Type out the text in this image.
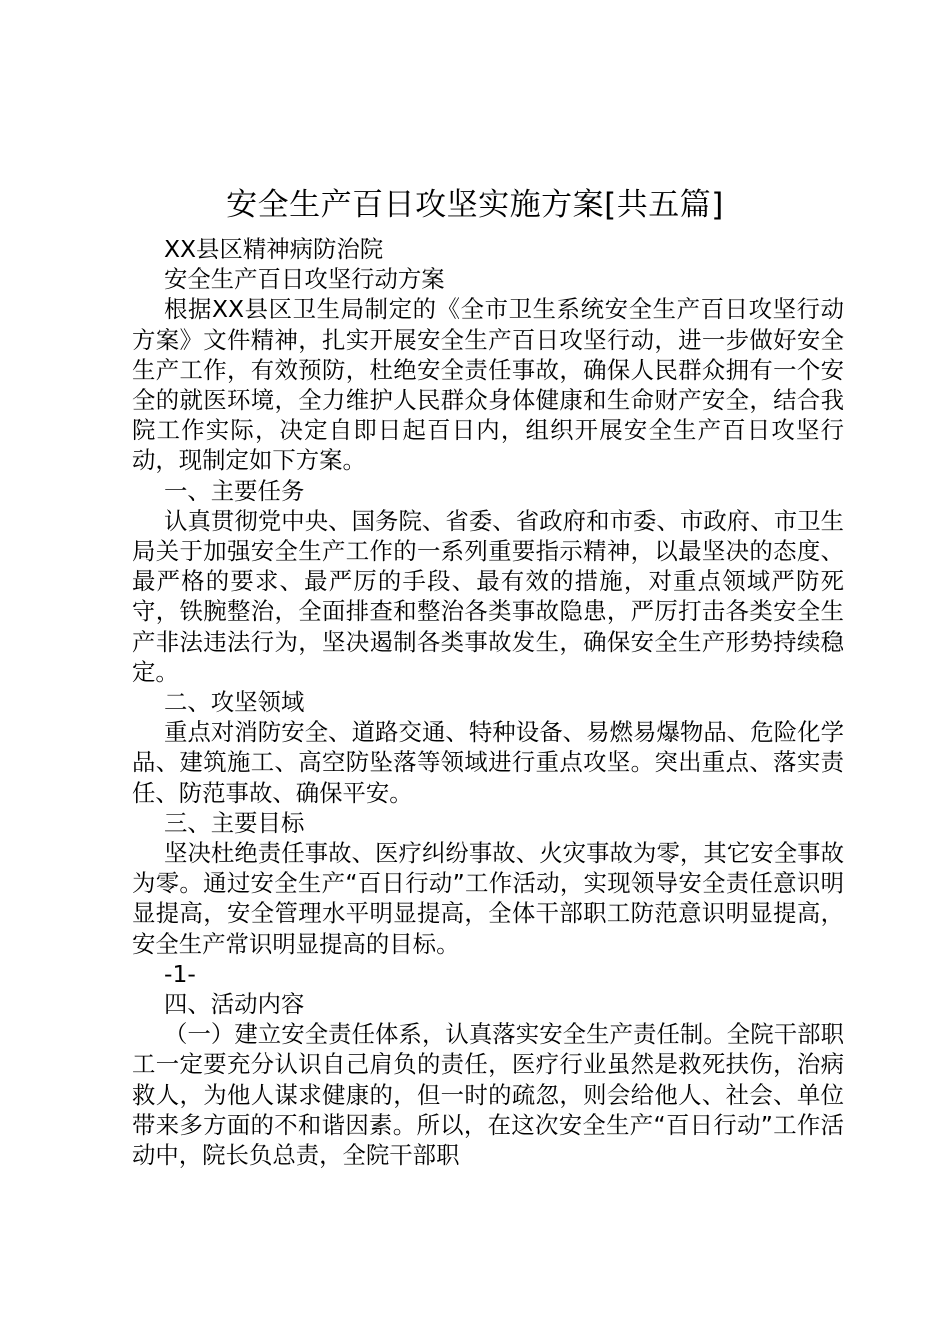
安全生产百日攻坚实施方案[共五篇]

XX县区精神病防治院

安全生产百日攻坚行动方案

根据XX县区卫生局制定的《全市卫生系统安全生产百日攻坚行动方案》文件精神，扎实开展安全生产百日攻坚行动，进一步做好安全生产工作，有效预防，杜绝安全责任事故，确保人民群众拥有一个安全的就医环境，全力维护人民群众身体健康和生命财产安全，结合我院工作实际，决定自即日起百日内，组织开展安全生产百日攻坚行动，现制定如下方案。

一、主要任务

认真贯彻党中央、国务院、省委、省政府和市委、市政府、市卫生局关于加强安全生产工作的一系列重要指示精神，以最坚决的态度、最严格的要求、最严厉的手段、最有效的措施，对重点领域严防死守，铁腕整治，全面排查和整治各类事故隐患，严厉打击各类安全生产非法违法行为，坚决遏制各类事故发生，确保安全生产形势持续稳定。

二、攻坚领域

重点对消防安全、道路交通、特种设备、易燃易爆物品、危险化学品、建筑施工、高空防坠落等领域进行重点攻坚。突出重点、落实责任、防范事故、确保平安。

三、主要目标

坚决杜绝责任事故、医疗纠纷事故、火灾事故为零，其它安全事故为零。通过安全生产“百日行动”工作活动，实现领导安全责任意识明显提高，安全管理水平明显提高，全体干部职工防范意识明显提高，安全生产常识明显提高的目标。

-1-

四、活动内容

（一）建立安全责任体系，认真落实安全生产责任制。全院干部职工一定要充分认识自己肩负的责任，医疗行业虽然是救死扶伤，治病救人，为他人谋求健康的，但一时的疏忽，则会给他人、社会、单位带来多方面的不和谐因素。所以，在这次安全生产“百日行动”工作活动中，院长负总责，全院干部职
